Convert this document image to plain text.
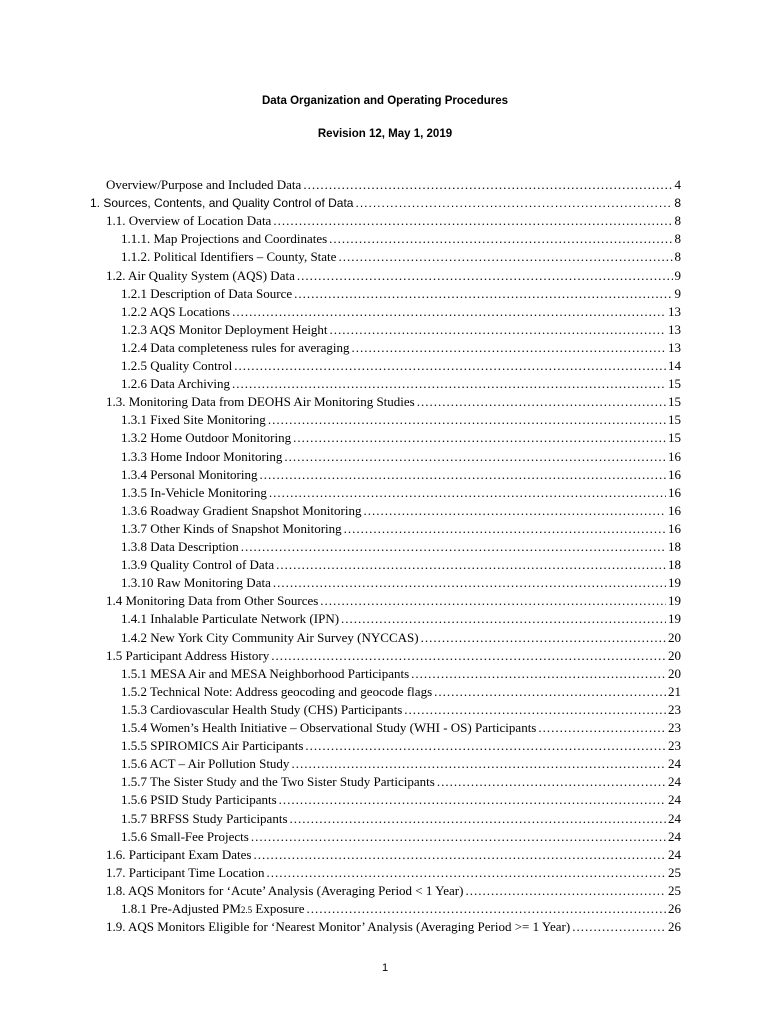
Data Organization and Operating Procedures
Revision 12, May 1, 2019
Overview/Purpose and Included Data .....	4
1. Sources, Contents, and Quality Control of Data .....	8
1.1. Overview of Location Data .....	8
1.1.1. Map Projections and Coordinates .....	8
1.1.2. Political Identifiers – County, State .....	8
1.2. Air Quality System (AQS) Data .....	9
1.2.1 Description of Data Source .....	9
1.2.2 AQS Locations .....	13
1.2.3 AQS Monitor Deployment Height .....	13
1.2.4 Data completeness rules for averaging .....	13
1.2.5 Quality Control .....	14
1.2.6 Data Archiving .....	15
1.3. Monitoring Data from DEOHS Air Monitoring Studies .....	15
1.3.1 Fixed Site Monitoring .....	15
1.3.2 Home Outdoor Monitoring .....	15
1.3.3 Home Indoor Monitoring .....	16
1.3.4 Personal Monitoring .....	16
1.3.5 In-Vehicle Monitoring .....	16
1.3.6 Roadway Gradient Snapshot Monitoring .....	16
1.3.7 Other Kinds of Snapshot Monitoring .....	16
1.3.8 Data Description .....	18
1.3.9 Quality Control of Data .....	18
1.3.10 Raw Monitoring Data .....	19
1.4 Monitoring Data from Other Sources .....	19
1.4.1 Inhalable Particulate Network (IPN) .....	19
1.4.2 New York City Community Air Survey (NYCCAS) .....	20
1.5 Participant Address History .....	20
1.5.1 MESA Air and MESA Neighborhood Participants .....	20
1.5.2 Technical Note: Address geocoding and geocode flags .....	21
1.5.3 Cardiovascular Health Study (CHS) Participants .....	23
1.5.4 Women’s Health Initiative – Observational Study (WHI - OS) Participants .....	23
1.5.5 SPIROMICS Air Participants .....	23
1.5.6 ACT – Air Pollution Study .....	24
1.5.7 The Sister Study and the Two Sister Study Participants .....	24
1.5.6 PSID Study Participants .....	24
1.5.7 BRFSS Study Participants .....	24
1.5.6 Small-Fee Projects .....	24
1.6. Participant Exam Dates .....	24
1.7. Participant Time Location .....	25
1.8. AQS Monitors for ‘Acute’ Analysis (Averaging Period < 1 Year) .....	25
1.8.1 Pre-Adjusted PM2.5 Exposure .....	26
1.9. AQS Monitors Eligible for ‘Nearest Monitor’ Analysis (Averaging Period >= 1 Year) .....	26
1
